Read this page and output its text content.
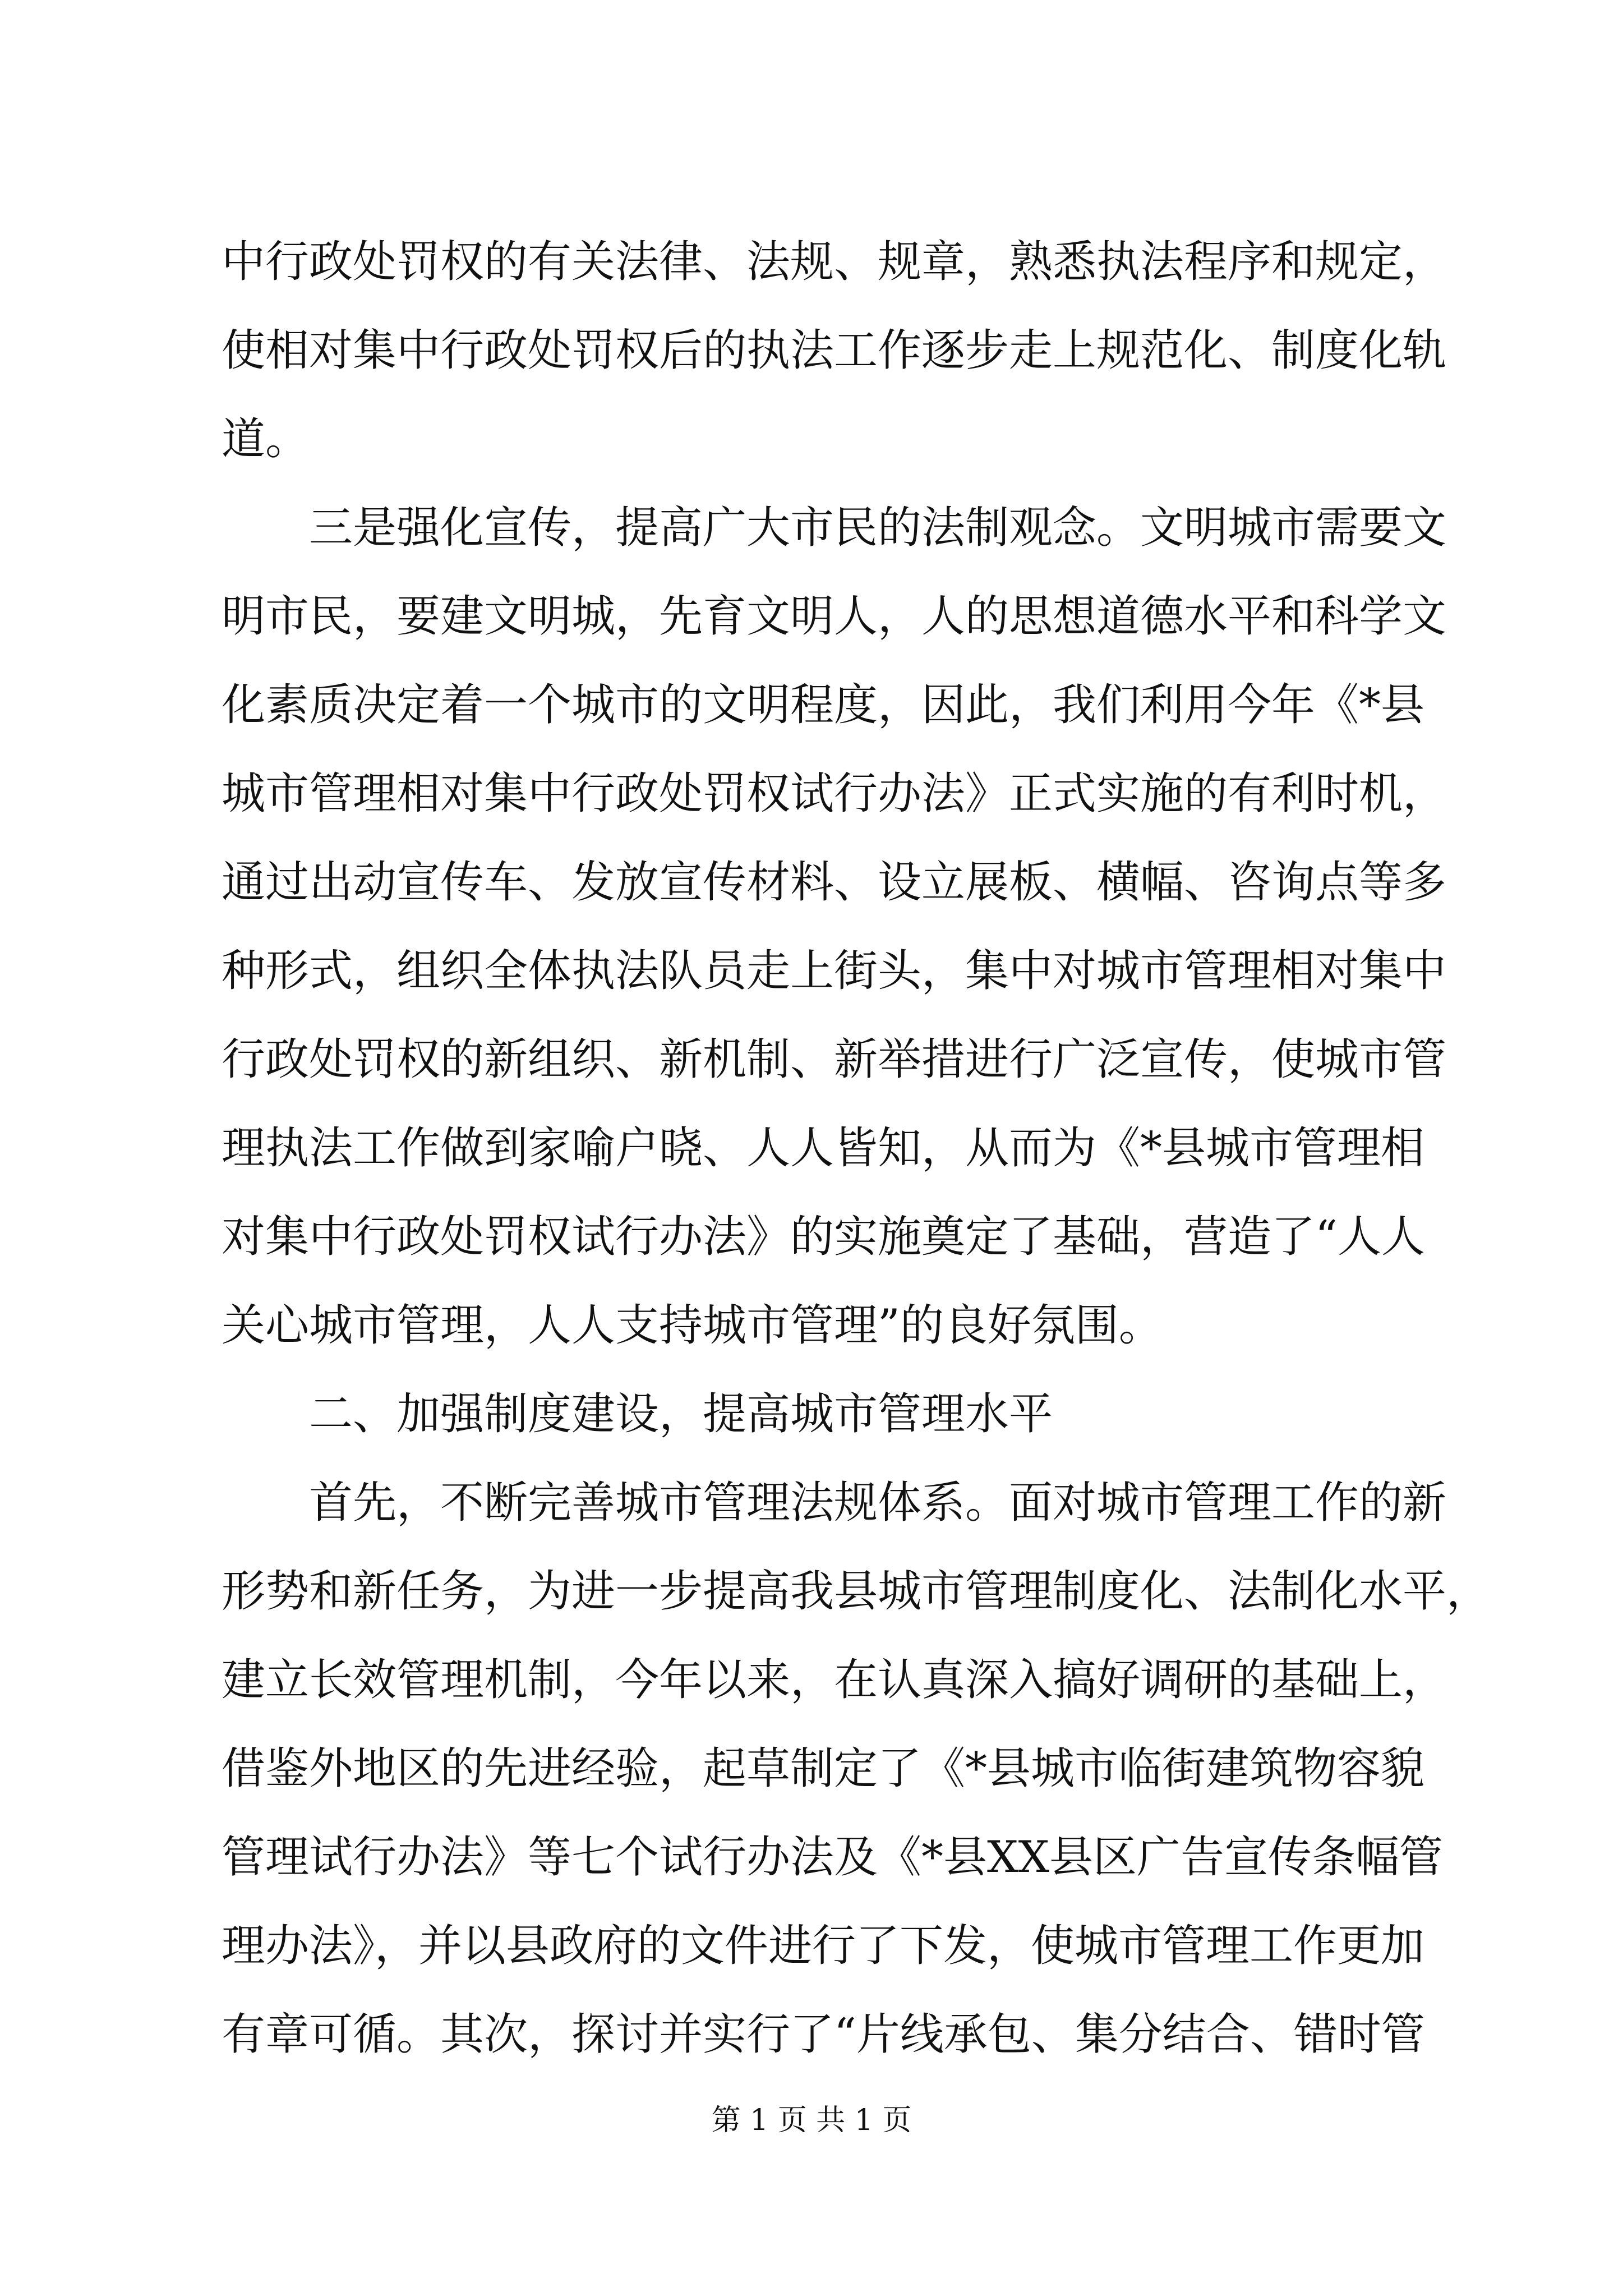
中行政处罚权的有关法律、法规、规章，熟悉执法程序和规定，
使相对集中行政处罚权后的执法工作逐步走上规范化、制度化轨
道。
三是强化宣传，提高广大市民的法制观念。文明城市需要文
明市民，要建文明城，先育文明人，人的思想道德水平和科学文
化素质决定着一个城市的文明程度，因此，我们利用今年《*县
城市管理相对集中行政处罚权试行办法》正式实施的有利时机，
通过出动宣传车、发放宣传材料、设立展板、横幅、咨询点等多
种形式，组织全体执法队员走上街头，集中对城市管理相对集中
行政处罚权的新组织、新机制、新举措进行广泛宣传，使城市管
理执法工作做到家喻户晓、人人皆知，从而为《*县城市管理相
对集中行政处罚权试行办法》的实施奠定了基础，营造了“人人
关心城市管理，人人支持城市管理”的良好氛围。
二、加强制度建设，提高城市管理水平
首先，不断完善城市管理法规体系。面对城市管理工作的新
形势和新任务，为进一步提高我县城市管理制度化、法制化水平，
建立长效管理机制，今年以来，在认真深入搞好调研的基础上，
借鉴外地区的先进经验，起草制定了《*县城市临街建筑物容貌
管理试行办法》等七个试行办法及《*县XX县区广告宣传条幅管
理办法》，并以县政府的文件进行了下发，使城市管理工作更加
有章可循。其次，探讨并实行了“片线承包、集分结合、错时管
第 1 页 共 1 页
